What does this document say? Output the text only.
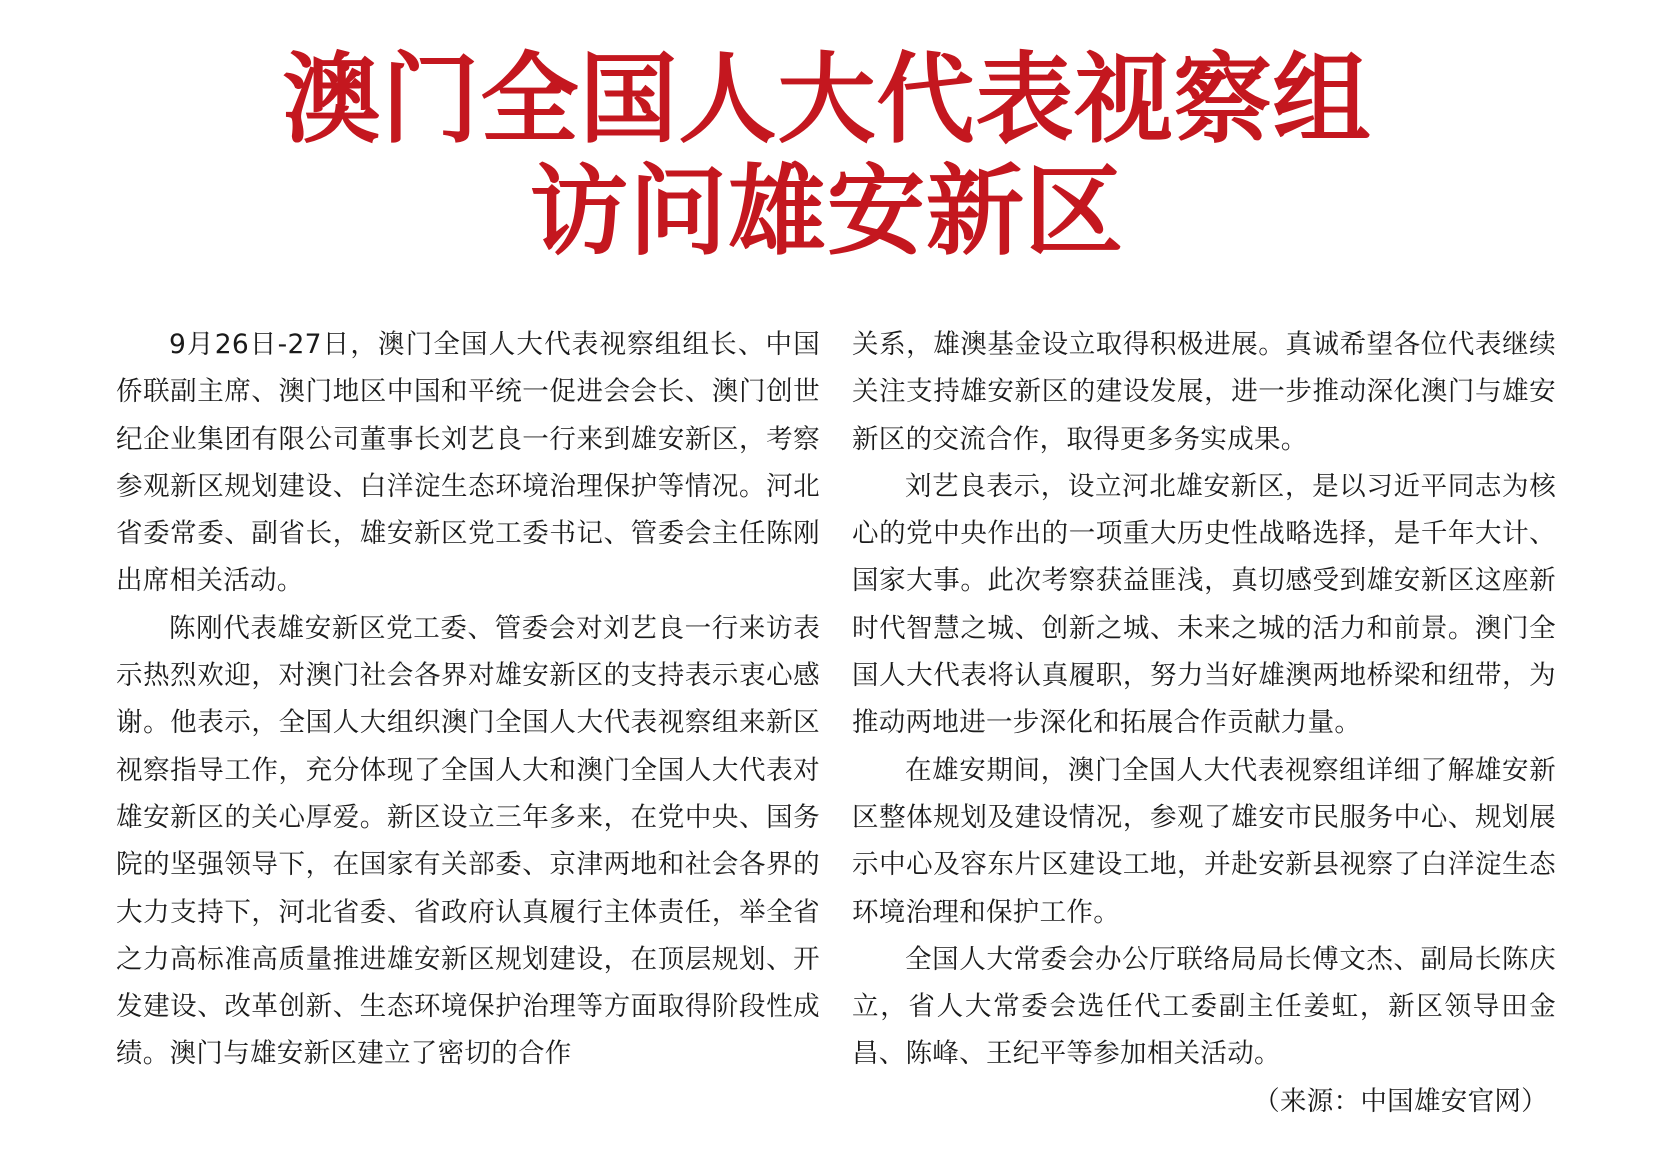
澳门全国人大代表视察组
访问雄安新区

9月26日-27日，澳门全国人大代表视察组组长、中国侨联副主席、澳门地区中国和平统一促进会会长、澳门创世纪企业集团有限公司董事长刘艺良一行来到雄安新区，考察参观新区规划建设、白洋淀生态环境治理保护等情况。河北省委常委、副省长，雄安新区党工委书记、管委会主任陈刚出席相关活动。

陈刚代表雄安新区党工委、管委会对刘艺良一行来访表示热烈欢迎，对澳门社会各界对雄安新区的支持表示衷心感谢。他表示，全国人大组织澳门全国人大代表视察组来新区视察指导工作，充分体现了全国人大和澳门全国人大代表对雄安新区的关心厚爱。新区设立三年多来，在党中央、国务院的坚强领导下，在国家有关部委、京津两地和社会各界的大力支持下，河北省委、省政府认真履行主体责任，举全省之力高标准高质量推进雄安新区规划建设，在顶层规划、开发建设、改革创新、生态环境保护治理等方面取得阶段性成绩。澳门与雄安新区建立了密切的合作

关系，雄澳基金设立取得积极进展。真诚希望各位代表继续关注支持雄安新区的建设发展，进一步推动深化澳门与雄安新区的交流合作，取得更多务实成果。

刘艺良表示，设立河北雄安新区，是以习近平同志为核心的党中央作出的一项重大历史性战略选择，是千年大计、国家大事。此次考察获益匪浅，真切感受到雄安新区这座新时代智慧之城、创新之城、未来之城的活力和前景。澳门全国人大代表将认真履职，努力当好雄澳两地桥梁和纽带，为推动两地进一步深化和拓展合作贡献力量。

在雄安期间，澳门全国人大代表视察组详细了解雄安新区整体规划及建设情况，参观了雄安市民服务中心、规划展示中心及容东片区建设工地，并赴安新县视察了白洋淀生态环境治理和保护工作。

全国人大常委会办公厅联络局局长傅文杰、副局长陈庆立，省人大常委会选任代工委副主任姜虹，新区领导田金昌、陈峰、王纪平等参加相关活动。

（来源：中国雄安官网）
